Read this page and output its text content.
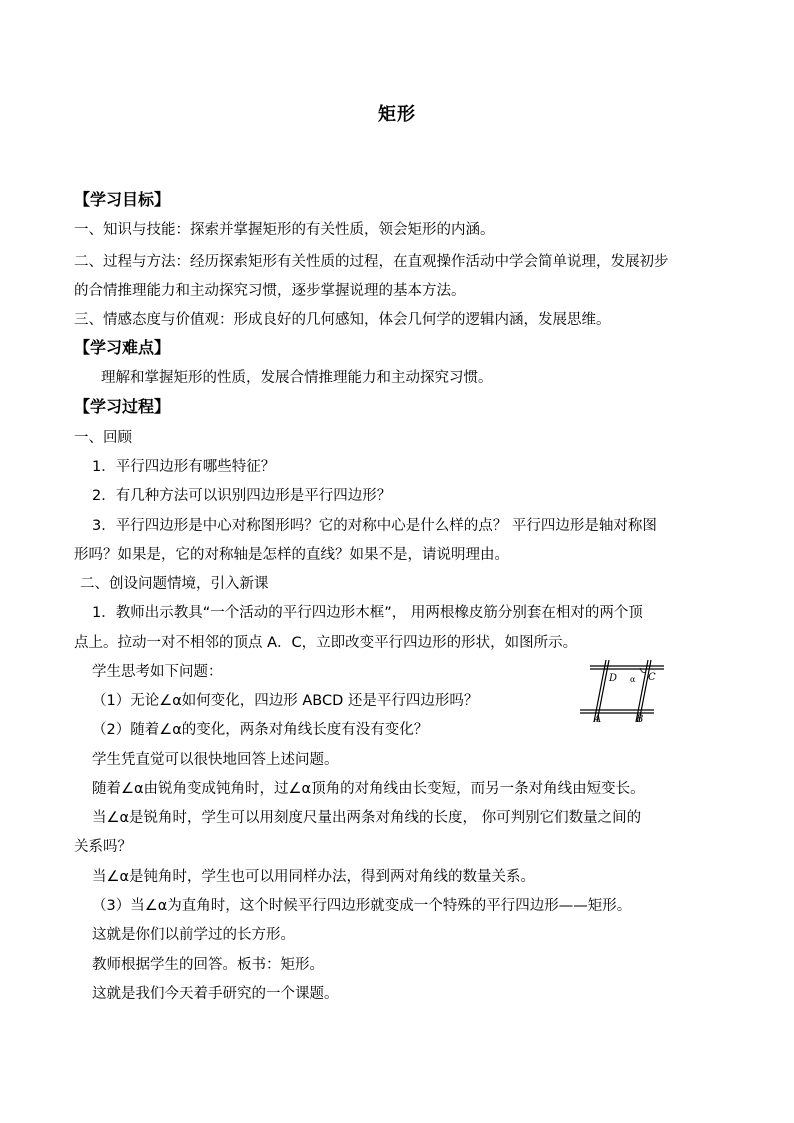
矩形
【学习目标】
一、知识与技能：探索并掌握矩形的有关性质，领会矩形的内涵。
二、过程与方法：经历探索矩形有关性质的过程，在直观操作活动中学会简单说理，发展初步
的合情推理能力和主动探究习惯，逐步掌握说理的基本方法。
三、情感态度与价值观：形成良好的几何感知，体会几何学的逻辑内涵，发展思维。
【学习难点】
理解和掌握矩形的性质，发展合情推理能力和主动探究习惯。
【学习过程】
一、回顾
1．平行四边形有哪些特征？
2．有几种方法可以识别四边形是平行四边形？
3．平行四边形是中心对称图形吗？它的对称中心是什么样的点？ 平行四边形是轴对称图
形吗？如果是，它的对称轴是怎样的直线？如果不是，请说明理由。
二、创设问题情境，引入新课
1．教师出示教具“一个活动的平行四边形木框”， 用两根橡皮筋分别套在相对的两个顶
点上。拉动一对不相邻的顶点 A．C，立即改变平行四边形的形状，如图所示。
学生思考如下问题：
（1）无论∠α如何变化，四边形 ABCD 还是平行四边形吗？
（2）随着∠α的变化，两条对角线长度有没有变化？
学生凭直觉可以很快地回答上述问题。
随着∠α由锐角变成钝角时，过∠α顶角的对角线由长变短，而另一条对角线由短变长。
当∠α是锐角时，学生可以用刻度尺量出两条对角线的长度， 你可判别它们数量之间的
关系吗？
当∠α是钝角时，学生也可以用同样办法，得到两对角线的数量关系。
（3）当∠α为直角时，这个时候平行四边形就变成一个特殊的平行四边形——矩形。
这就是你们以前学过的长方形。
教师根据学生的回答。板书：矩形。
这就是我们今天着手研究的一个课题。
D α C
A	B
